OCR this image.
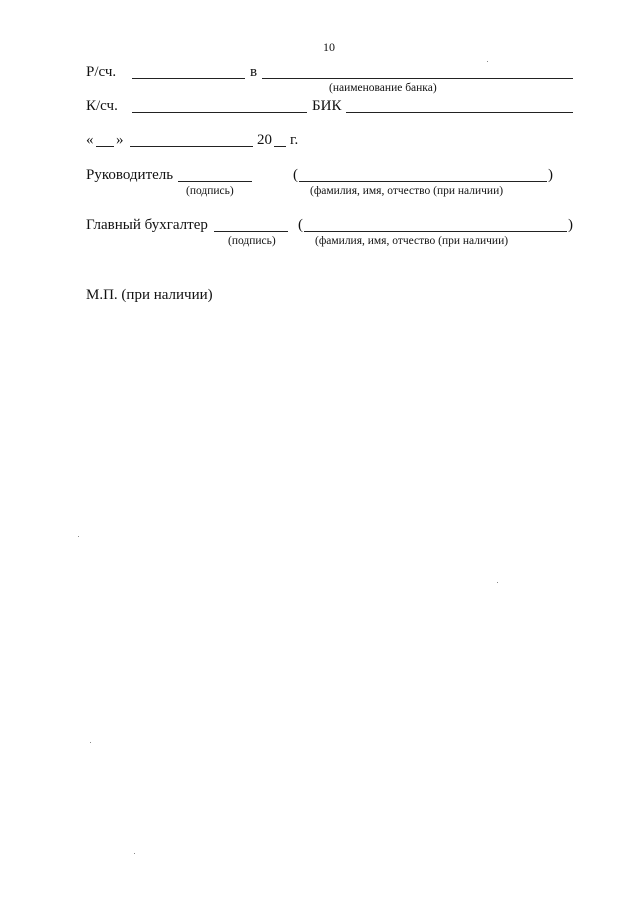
10
Р/сч.	в
(наименование банка)
К/сч.	БИК
« »	20 г.
Руководитель
(подпись)
(	)
(фамилия, имя, отчество (при наличии)
Главный бухгалтер
(подпись)
(	)
(фамилия, имя, отчество (при наличии)
М.П. (при наличии)
